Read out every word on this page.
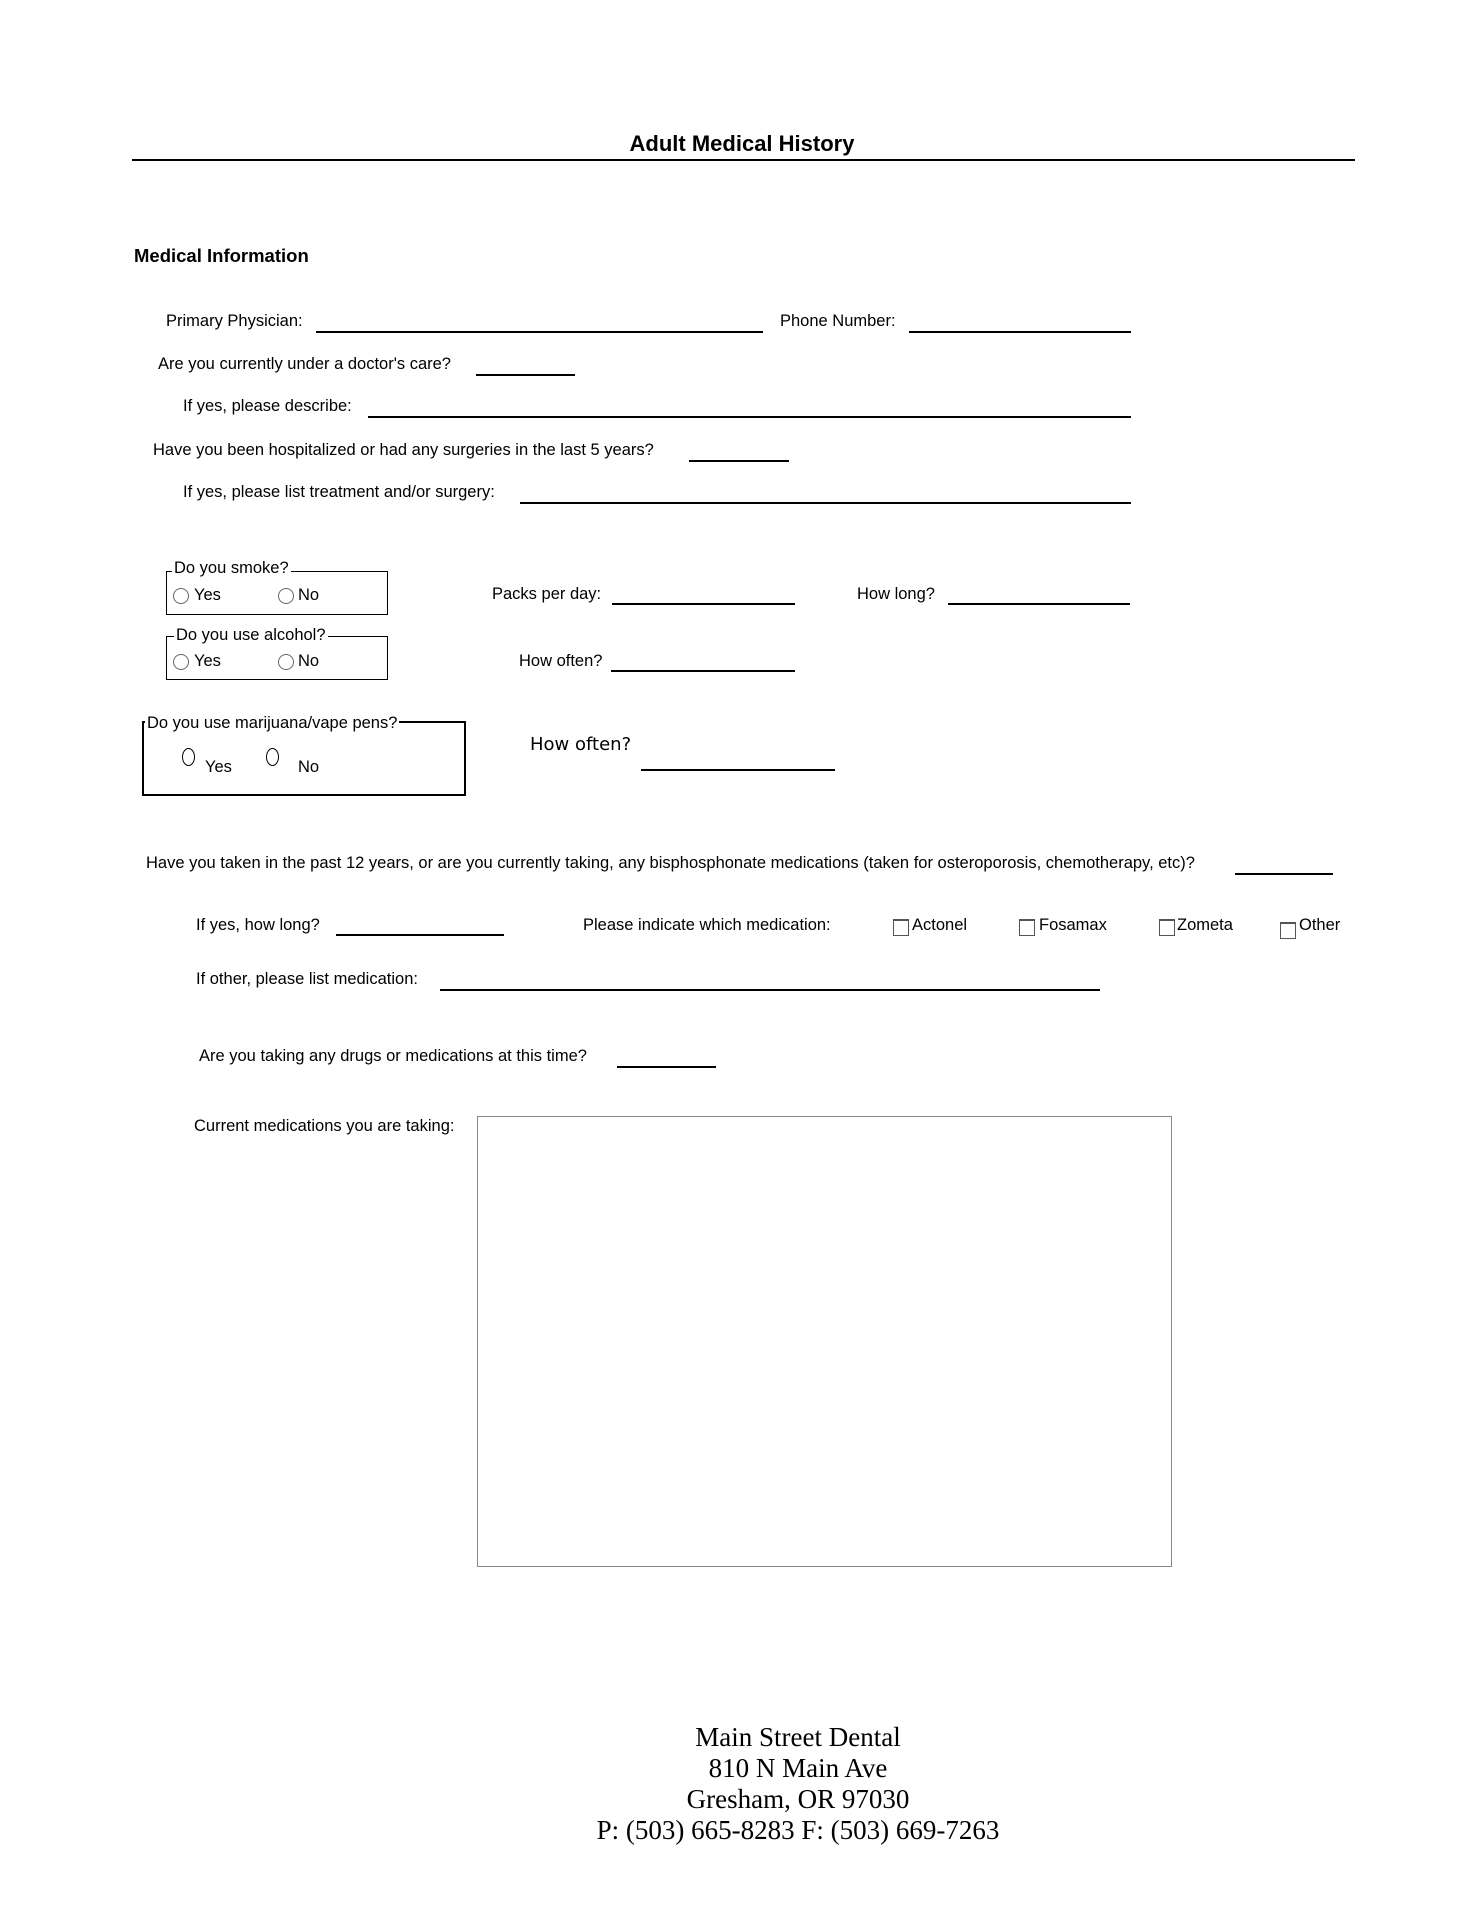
Adult Medical History
Medical Information
Primary Physician:	Phone Number:
Are you currently under a doctor's care?
If yes, please describe:
Have you been hospitalized or had any surgeries in the last 5 years?
If yes, please list treatment and/or surgery:
Do you smoke?
Yes	No	Packs per day:	How long?
Do you use alcohol?
Yes	No	How often?
Do you use marijuana/vape pens?
Yes	No
How often?
Have you taken in the past 12 years, or are you currently taking, any bisphosphonate medications (taken for osteroporosis, chemotherapy, etc)?
If yes, how long?	Please indicate which medication:	Actonel	Fosamax	Zometa	Other
If other, please list medication:
Are you taking any drugs or medications at this time?
Current medications you are taking:
Main Street Dental
810 N Main Ave
Gresham, OR 97030
P: (503) 665-8283 F: (503) 669-7263
